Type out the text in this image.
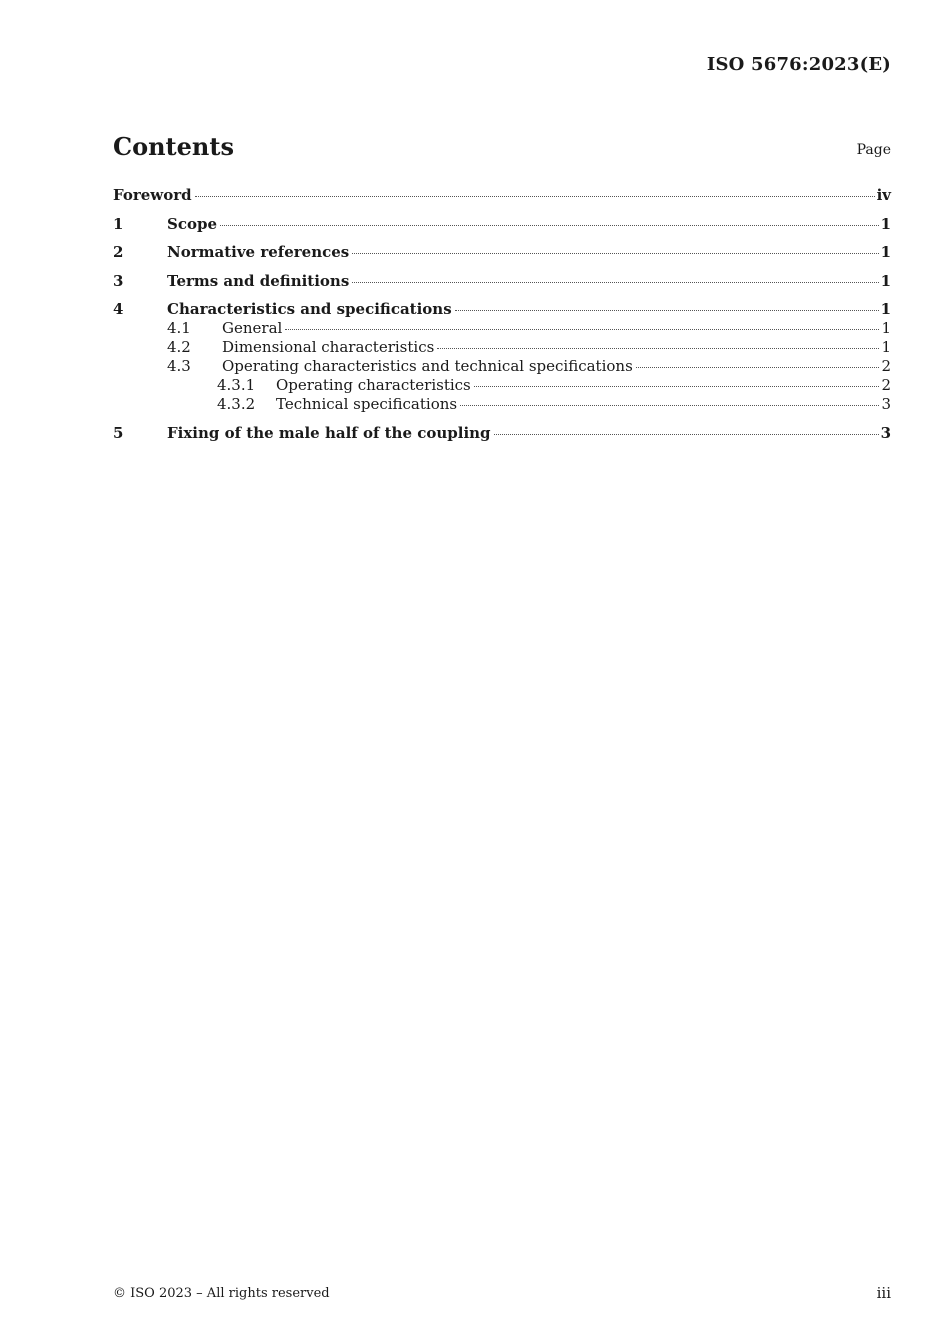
ISO 5676:2023(E)
Contents	Page
Foreword	iv
1	Scope	1
2	Normative references	1
3	Terms and definitions	1
4	Characteristics and specifications	1
4.1	General	1
4.2	Dimensional characteristics	1
4.3	Operating characteristics and technical specifications	2
4.3.1	Operating characteristics	2
4.3.2	Technical specifications	3
5	Fixing of the male half of the coupling	3
© ISO 2023 – All rights reserved	iii
